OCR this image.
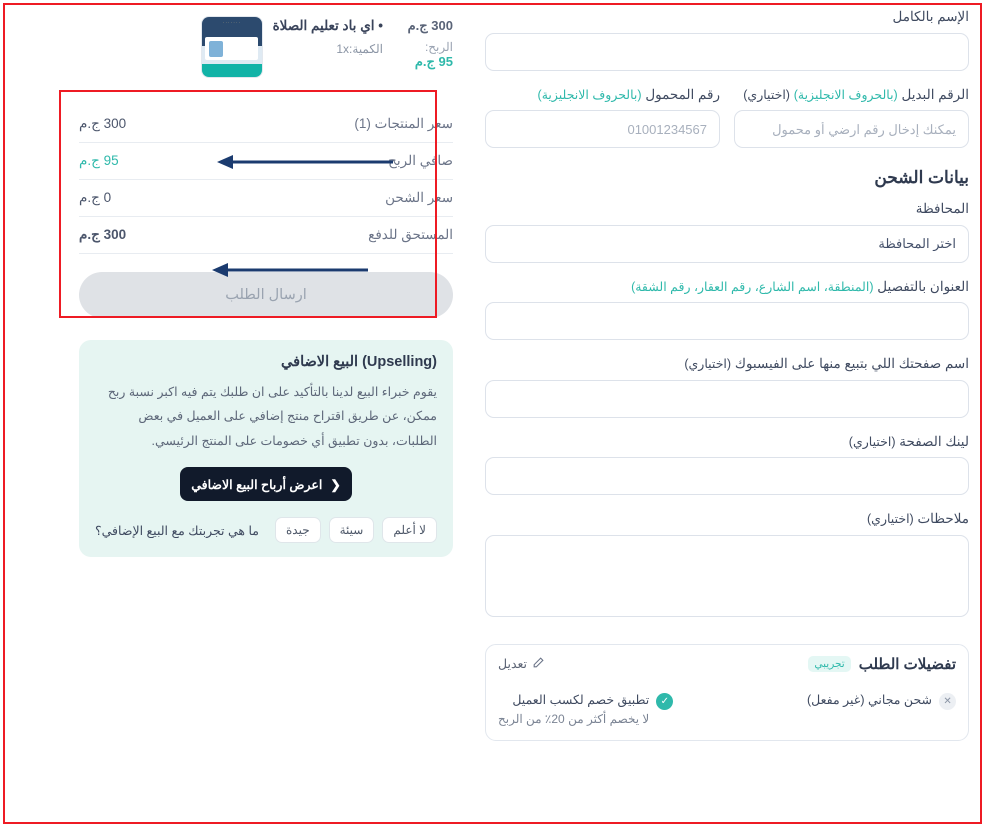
الإسم بالكامل
الرقم البديل (بالحروف الانجليزية) (اختياري)
يمكنك إدخال رقم ارضي أو محمول
رقم المحمول (بالحروف الانجليزية)
01001234567
بيانات الشحن
المحافظة
اختر المحافظة
العنوان بالتفصيل (المنطقة، اسم الشارع، رقم العقار، رقم الشقة)
اسم صفحتك اللي بتبيع منها على الفيسبوك (اختياري)
لينك الصفحة (اختياري)
ملاحظات (اختياري)
تفضيلات الطلب
تجريبي
تعديل
✕
شحن مجاني (غير مفعل)
✓
تطبيق خصم لكسب العميل
لا يخصم أكثر من 20٪ من الربح
300 ج.م
الربح:
95 ج.م
• اي باد تعليم الصلاة
الكمية:1x
. . . . . . .
سعر المنتجات (1)
300 ج.م
صافي الربح
95 ج.م
سعر الشحن
0 ج.م
المستحق للدفع
300 ج.م
ارسال الطلب
(Upselling) البيع الاضافي
يقوم خبراء البيع لدينا بالتأكيد على ان طلبك يتم فيه اكبر نسبة ربح ممكن، عن طريق اقتراح منتج إضافي على العميل في بعض الطلبات، بدون تطبيق أي خصومات على المنتج الرئيسي.
❮
اعرض أرباح البيع الاضافي
لا أعلم
سيئة
جيدة
ما هي تجربتك مع البيع الإضافي؟
